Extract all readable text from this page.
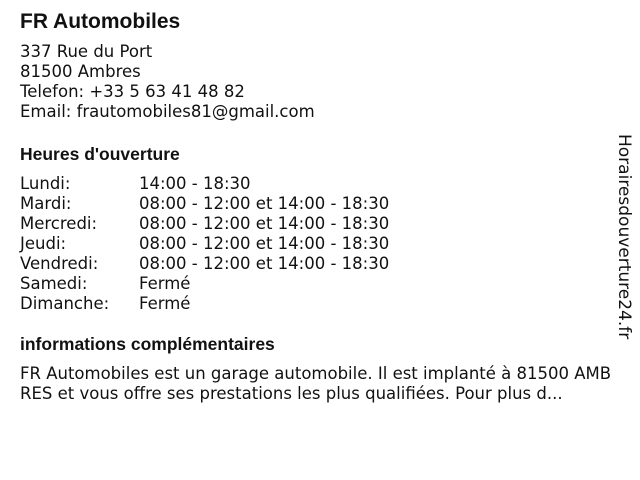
FR Automobiles
337 Rue du Port
81500 Ambres
Telefon: +33 5 63 41 48 82
Email: frautomobiles81@gmail.com
Heures d'ouverture
Lundi:	14:00 - 18:30
Mardi:	08:00 - 12:00 et 14:00 - 18:30
Mercredi:	08:00 - 12:00 et 14:00 - 18:30
Jeudi:	08:00 - 12:00 et 14:00 - 18:30
Vendredi:	08:00 - 12:00 et 14:00 - 18:30
Samedi:	Fermé
Dimanche:	Fermé
informations complémentaires
FR Automobiles est un garage automobile. Il est implanté à 81500 AMBRES et vous offre ses prestations les plus qualifiées. Pour plus d...
Horairesdouverture24.fr
